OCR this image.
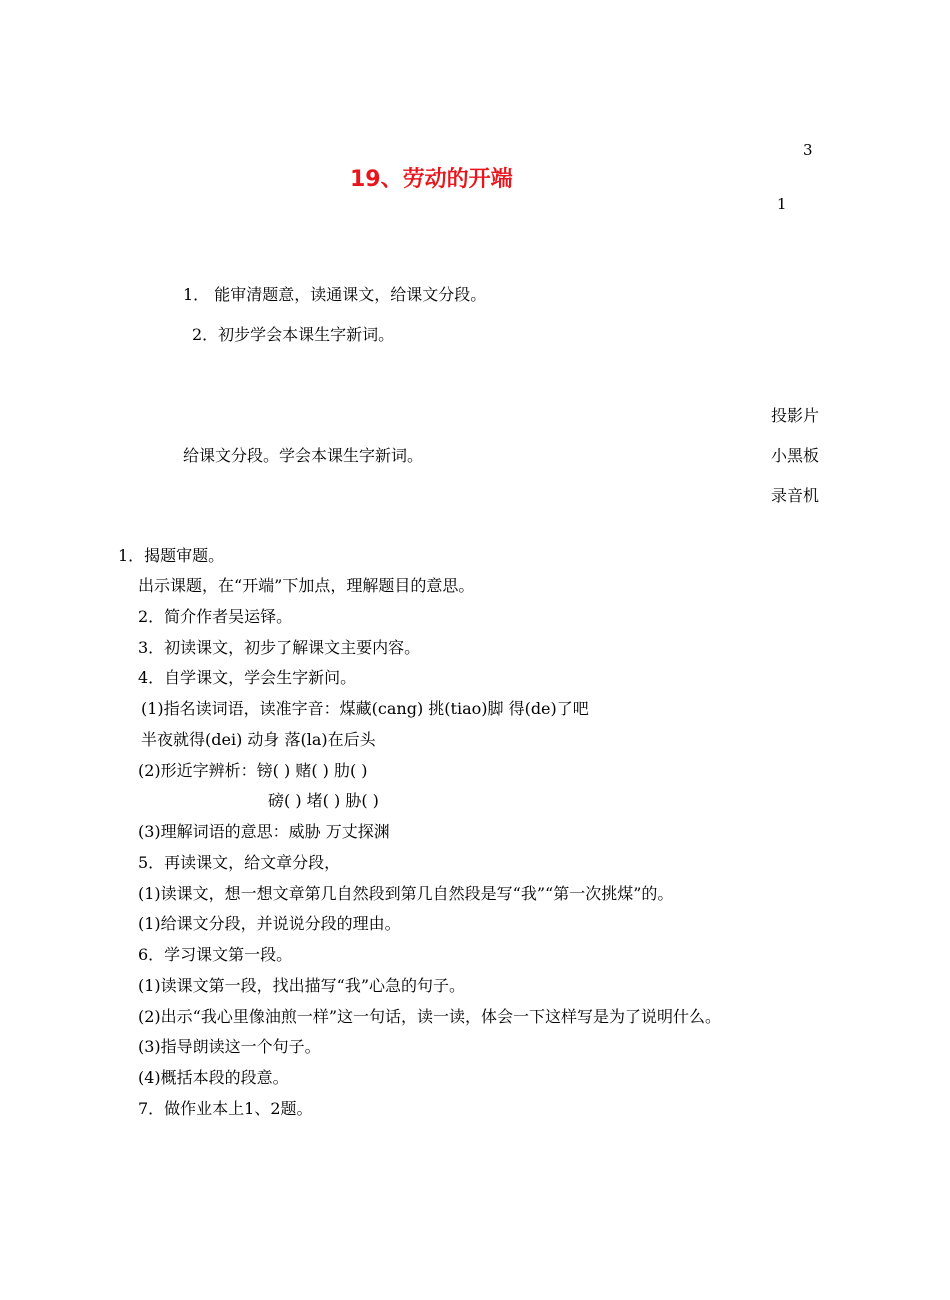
19、劳动的开端
3
1
1． 能审清题意，读通课文，给课文分段。
2．初步学会本课生字新词。
给课文分段。学会本课生字新词。
投影片
小黑板
录音机
1．揭题审题。
出示课题，在“开端”下加点，理解题目的意思。
2．简介作者吴运铎。
3．初读课文，初步了解课文主要内容。
4．自学课文，学会生字新问。
(1)指名读词语，读准字音：煤藏(cang) 挑(tiao)脚 得(de)了吧
半夜就得(dei) 动身 落(la)在后头
(2)形近字辨析：镑( ) 赌( ) 肋( )
磅( ) 堵( ) 胁( )
(3)理解词语的意思：威胁 万丈探渊
5．再读课文，给文章分段，
(1)读课文，想一想文章第几自然段到第几自然段是写“我”“第一次挑煤”的。
(1)给课文分段，并说说分段的理由。
6．学习课文第一段。
(1)读课文第一段，找出描写“我”心急的句子。
(2)出示“我心里像油煎一样”这一句话，读一读，体会一下这样写是为了说明什么。
(3)指导朗读这一个句子。
(4)概括本段的段意。
7．做作业本上1、2题。
